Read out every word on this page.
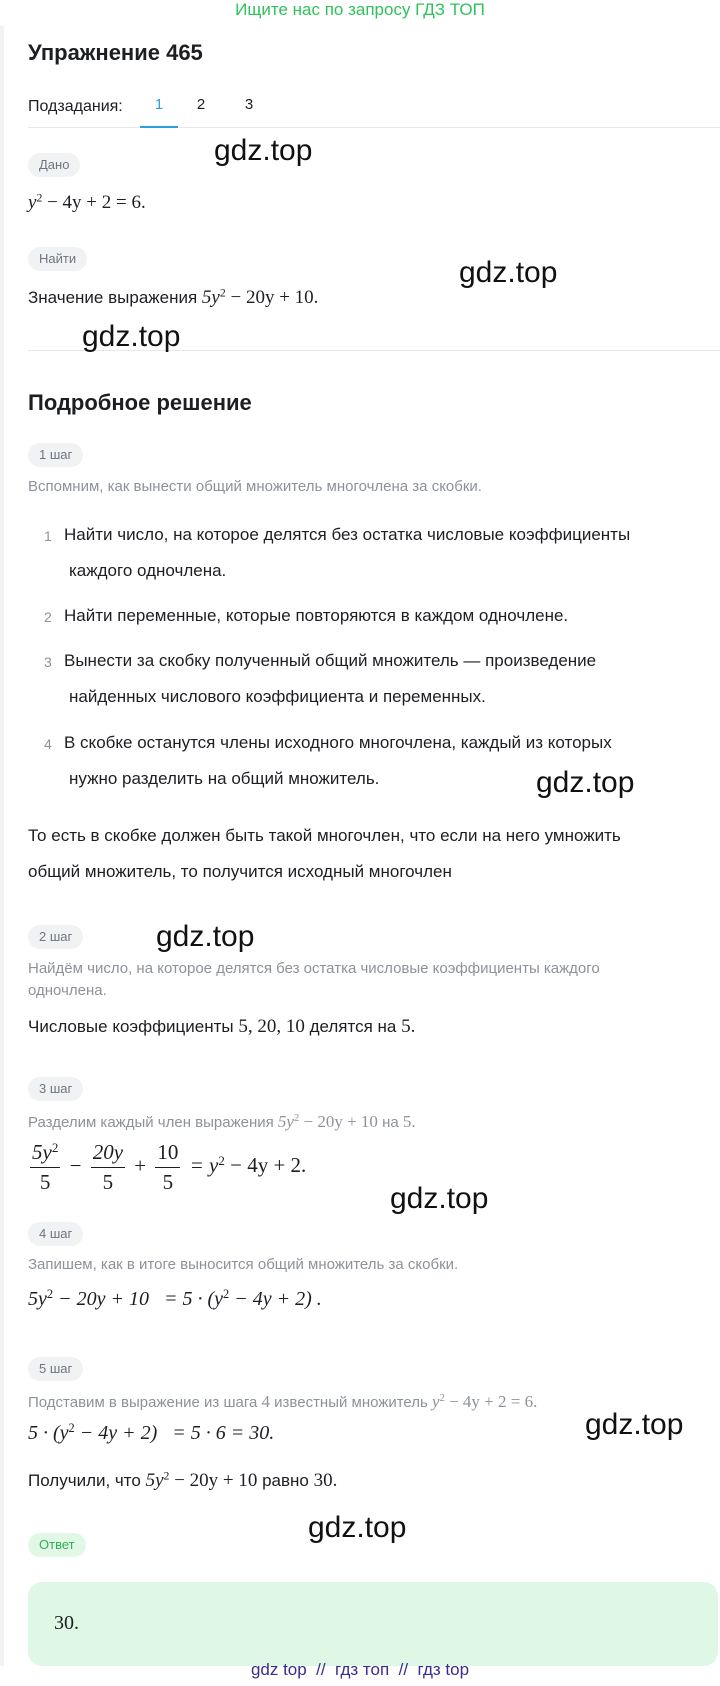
Ищите нас по запросу ГДЗ ТОП
Упражнение 465
Подзадания:	1	2	3
Дано
$y^2 - 4y + 2 = 6$.
Найти
Значение выражения $5y^2 - 20y + 10$.
Подробное решение
1 шаг
Вспомним, как вынести общий множитель многочлена за скобки.
1 Найти число, на которое делятся без остатка числовые коэффициенты
каждого одночлена.
2 Найти переменные, которые повторяются в каждом одночлене.
3 Вынести за скобку полученный общий множитель — произведение
найденных числового коэффициента и переменных.
4 В скобке останутся члены исходного многочлена, каждый из которых
нужно разделить на общий множитель.
То есть в скобке должен быть такой многочлен, что если на него умножить
общий множитель, то получится исходный многочлен
2 шаг
Найдём число, на которое делятся без остатка числовые коэффициенты каждого
одночлена.
Числовые коэффициенты 5, 20, 10 делятся на 5.
3 шаг
Разделим каждый член выражения $5y^2 - 20y + 10$ на 5.
$\frac{5y^2}{5} - \frac{20y}{5} + \frac{10}{5} = y^2 - 4y + 2$.
4 шаг
Запишем, как в итоге выносится общий множитель за скобки.
$5y^2 - 20y + 10 = 5 \cdot (y^2 - 4y + 2)$ .
5 шаг
Подставим в выражение из шага 4 известный множитель $y^2 - 4y + 2 = 6$.
$5 \cdot (y^2 - 4y + 2) = 5 \cdot 6 = 30$.
Получили, что $5y^2 - 20y + 10$ равно 30.
Ответ
30.
gdz.top
gdz.top
gdz.top
gdz.top
gdz.top
gdz.top
gdz.top
gdz.top
gdz top  //  гдз топ  //  гдз top
